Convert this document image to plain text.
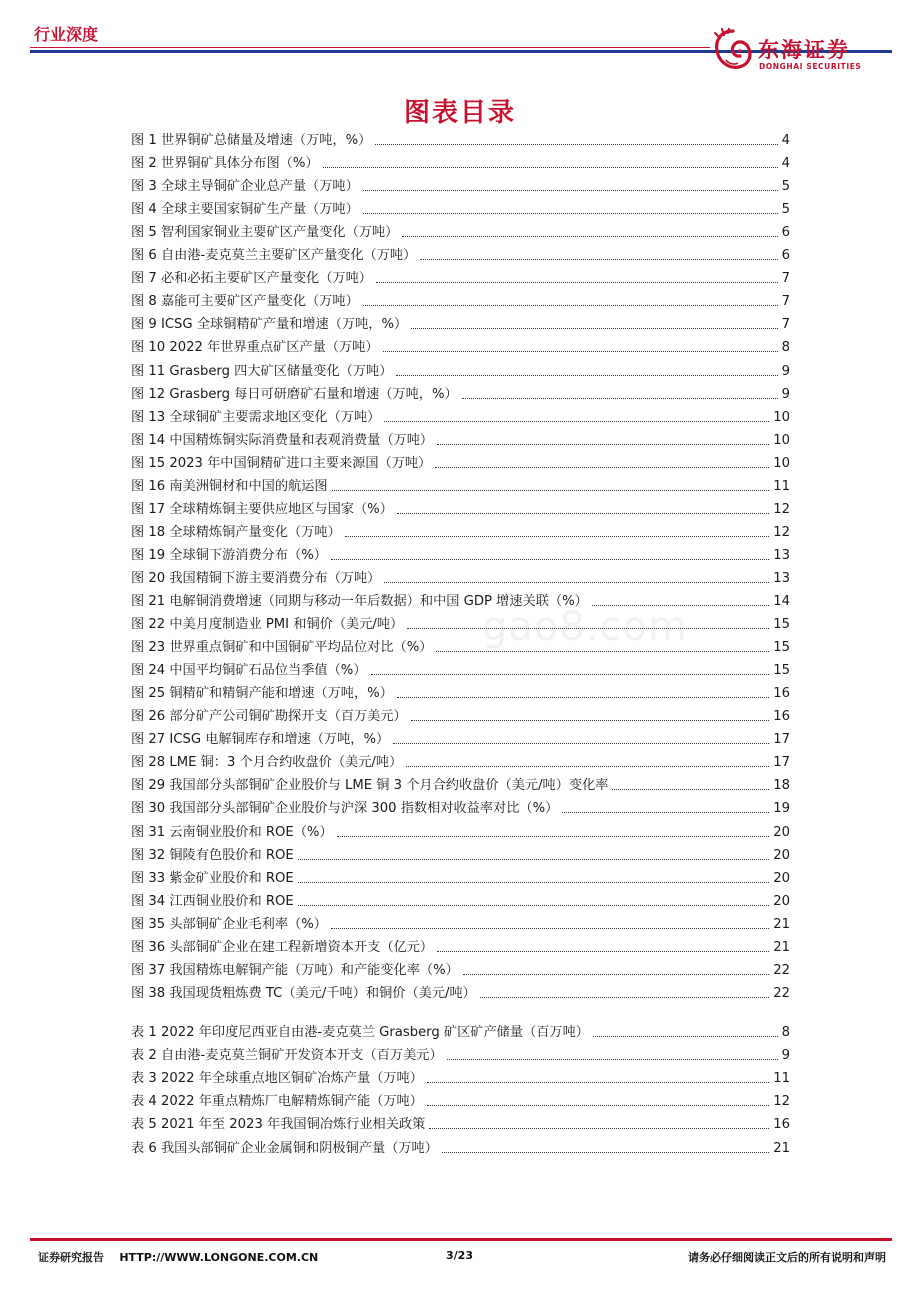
行业深度
东海证券
DONGHAI SECURITIES
gao8.com
图表目录
图 1 世界铜矿总储量及增速（万吨，%）	4
图 2 世界铜矿具体分布图（%）	4
图 3 全球主导铜矿企业总产量（万吨）	5
图 4 全球主要国家铜矿生产量（万吨）	5
图 5 智利国家铜业主要矿区产量变化（万吨）	6
图 6 自由港-麦克莫兰主要矿区产量变化（万吨）	6
图 7 必和必拓主要矿区产量变化（万吨）	7
图 8 嘉能可主要矿区产量变化（万吨）	7
图 9 ICSG 全球铜精矿产量和增速（万吨，%）	7
图 10 2022 年世界重点矿区产量（万吨）	8
图 11 Grasberg 四大矿区储量变化（万吨）	9
图 12 Grasberg 每日可研磨矿石量和增速（万吨，%）	9
图 13 全球铜矿主要需求地区变化（万吨）	10
图 14 中国精炼铜实际消费量和表观消费量（万吨）	10
图 15 2023 年中国铜精矿进口主要来源国（万吨）	10
图 16 南美洲铜材和中国的航运图	11
图 17 全球精炼铜主要供应地区与国家（%）	12
图 18 全球精炼铜产量变化（万吨）	12
图 19 全球铜下游消费分布（%）	13
图 20 我国精铜下游主要消费分布（万吨）	13
图 21 电解铜消费增速（同期与移动一年后数据）和中国 GDP 增速关联（%）	14
图 22 中美月度制造业 PMI 和铜价（美元/吨）	15
图 23 世界重点铜矿和中国铜矿平均品位对比（%）	15
图 24 中国平均铜矿石品位当季值（%）	15
图 25 铜精矿和精铜产能和增速（万吨，%）	16
图 26 部分矿产公司铜矿勘探开支（百万美元）	16
图 27 ICSG 电解铜库存和增速（万吨，%）	17
图 28 LME 铜：3 个月合约收盘价（美元/吨）	17
图 29 我国部分头部铜矿企业股价与 LME 铜 3 个月合约收盘价（美元/吨）变化率	18
图 30 我国部分头部铜矿企业股价与沪深 300 指数相对收益率对比（%）	19
图 31 云南铜业股价和 ROE（%）	20
图 32 铜陵有色股价和 ROE	20
图 33 紫金矿业股价和 ROE	20
图 34 江西铜业股价和 ROE	20
图 35 头部铜矿企业毛利率（%）	21
图 36 头部铜矿企业在建工程新增资本开支（亿元）	21
图 37 我国精炼电解铜产能（万吨）和产能变化率（%）	22
图 38 我国现货粗炼费 TC（美元/千吨）和铜价（美元/吨）	22
表 1 2022 年印度尼西亚自由港-麦克莫兰 Grasberg 矿区矿产储量（百万吨）	8
表 2 自由港-麦克莫兰铜矿开发资本开支（百万美元）	9
表 3 2022 年全球重点地区铜矿冶炼产量（万吨）	11
表 4 2022 年重点精炼厂电解精炼铜产能（万吨）	12
表 5 2021 年至 2023 年我国铜冶炼行业相关政策	16
表 6 我国头部铜矿企业金属铜和阴极铜产量（万吨）	21
证券研究报告    HTTP://WWW.LONGONE.COM.CN	3/23	请务必仔细阅读正文后的所有说明和声明
